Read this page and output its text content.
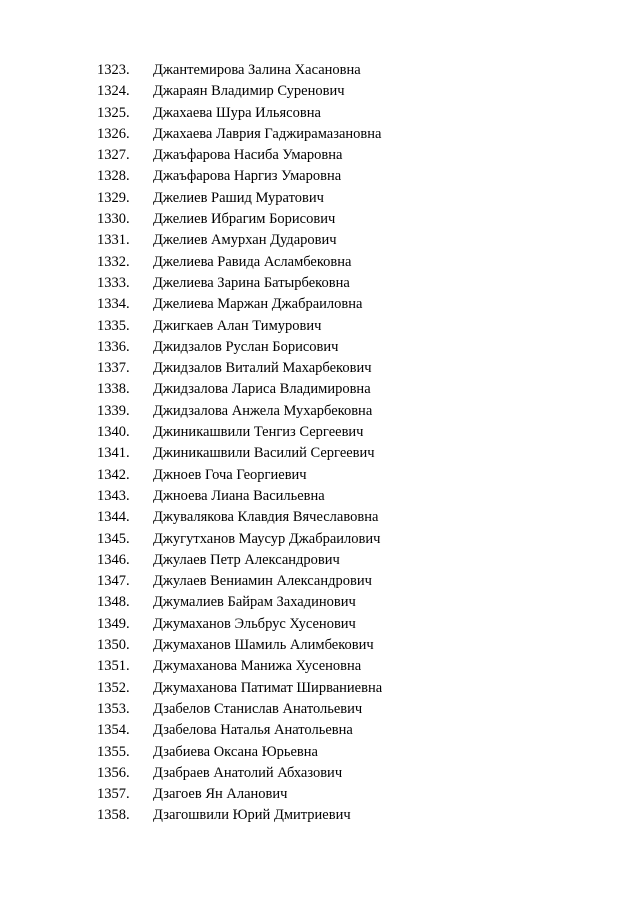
1323. Джантемирова Залина Хасановна
1324. Джараян Владимир Суренович
1325. Джахаева Шура Ильясовна
1326. Джахаева Лаврия Гаджирамазановна
1327. Джаъфарова Насиба Умаровна
1328. Джаъфарова Наргиз Умаровна
1329. Джелиев Рашид Муратович
1330. Джелиев Ибрагим Борисович
1331. Джелиев Амурхан Дударович
1332. Джелиева Равида Асламбековна
1333. Джелиева Зарина Батырбековна
1334. Джелиева Маржан Джабраиловна
1335. Джигкаев Алан Тимурович
1336. Джидзалов Руслан Борисович
1337. Джидзалов Виталий Махарбекович
1338. Джидзалова Лариса Владимировна
1339. Джидзалова Анжела Мухарбековна
1340. Джиникашвили Тенгиз Сергеевич
1341. Джиникашвили Василий Сергеевич
1342. Джноев Гоча Георгиевич
1343. Джноева Лиана Васильевна
1344. Джувалякова Клавдия Вячеславовна
1345. Джугутханов Маусур Джабраилович
1346. Джулаев Петр Александрович
1347. Джулаев Вениамин Александрович
1348. Джумалиев Байрам Захадинович
1349. Джумаханов Эльбрус Хусенович
1350. Джумаханов Шамиль Алимбекович
1351. Джумаханова Манижа Хусеновна
1352. Джумаханова Патимат Ширваниевна
1353. Дзабелов Станислав Анатольевич
1354. Дзабелова Наталья Анатольевна
1355. Дзабиева Оксана Юрьевна
1356. Дзабраев Анатолий Абхазович
1357. Дзагоев Ян Аланович
1358. Дзагошвили Юрий Дмитриевич
